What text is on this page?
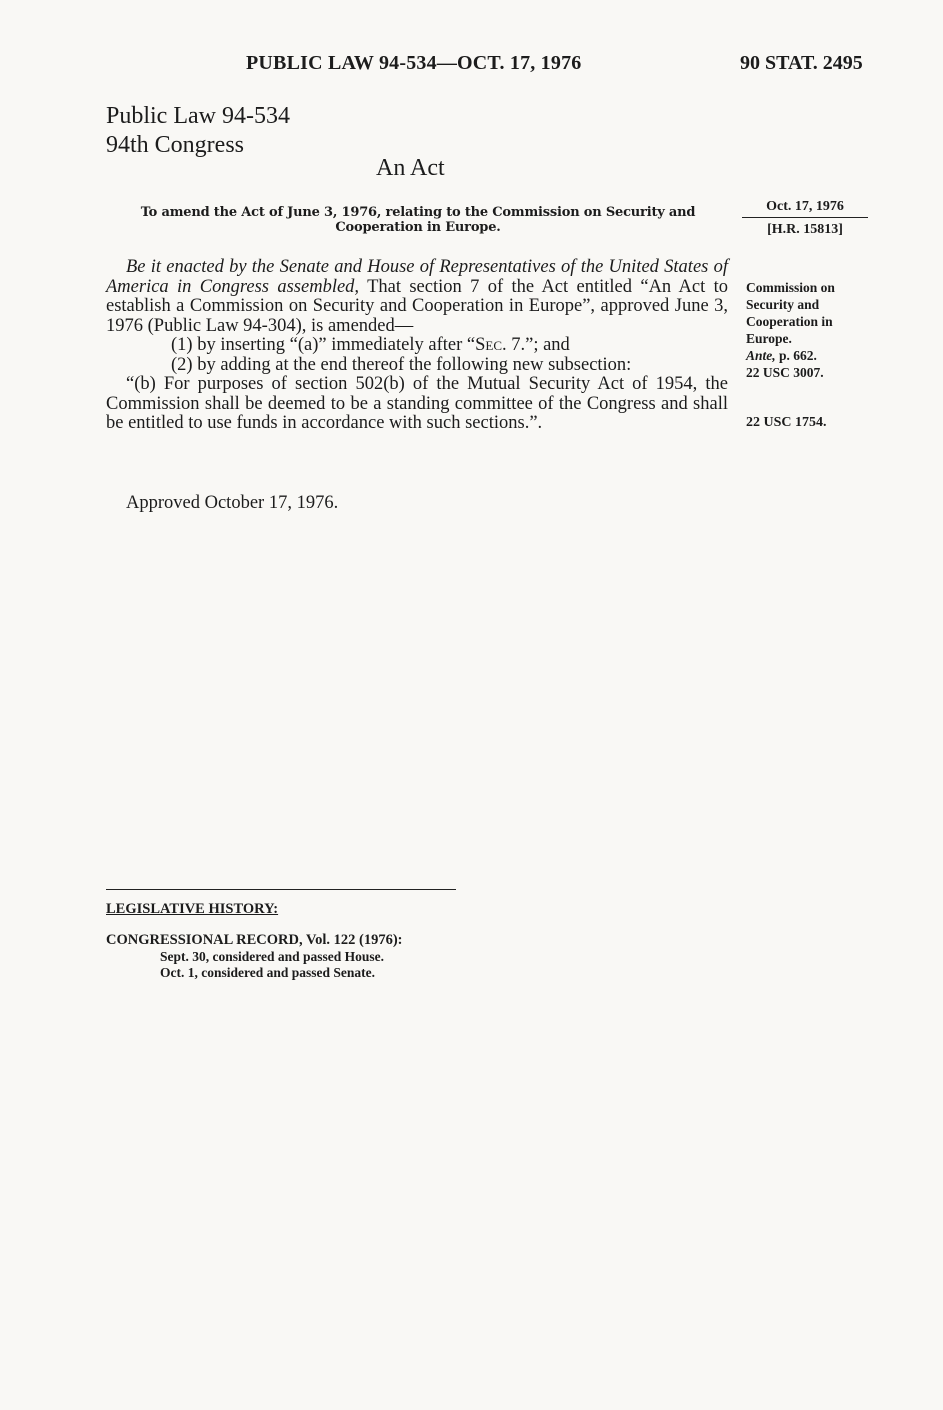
PUBLIC LAW 94-534—OCT. 17, 1976	90 STAT. 2495
Public Law 94-534
94th Congress
An Act
To amend the Act of June 3, 1976, relating to the Commission on Security and Cooperation in Europe.
Oct. 17, 1976
[H.R. 15813]

Be it enacted by the Senate and House of Representatives of the United States of America in Congress assembled, That section 7 of the Act entitled “An Act to establish a Commission on Security and Cooperation in Europe”, approved June 3, 1976 (Public Law 94-304), is amended—

(1) by inserting “(a)” immediately after “Sec. 7.”; and

(2) by adding at the end thereof the following new subsection:

“(b) For purposes of section 502(b) of the Mutual Security Act of 1954, the Commission shall be deemed to be a standing committee of the Congress and shall be entitled to use funds in accordance with such sections.”.

Commission on Security and Cooperation in Europe.
Ante, p. 662.
22 USC 3007.
22 USC 1754.
Approved October 17, 1976.
LEGISLATIVE HISTORY:
CONGRESSIONAL RECORD, Vol. 122 (1976):
Sept. 30, considered and passed House.
Oct. 1, considered and passed Senate.
